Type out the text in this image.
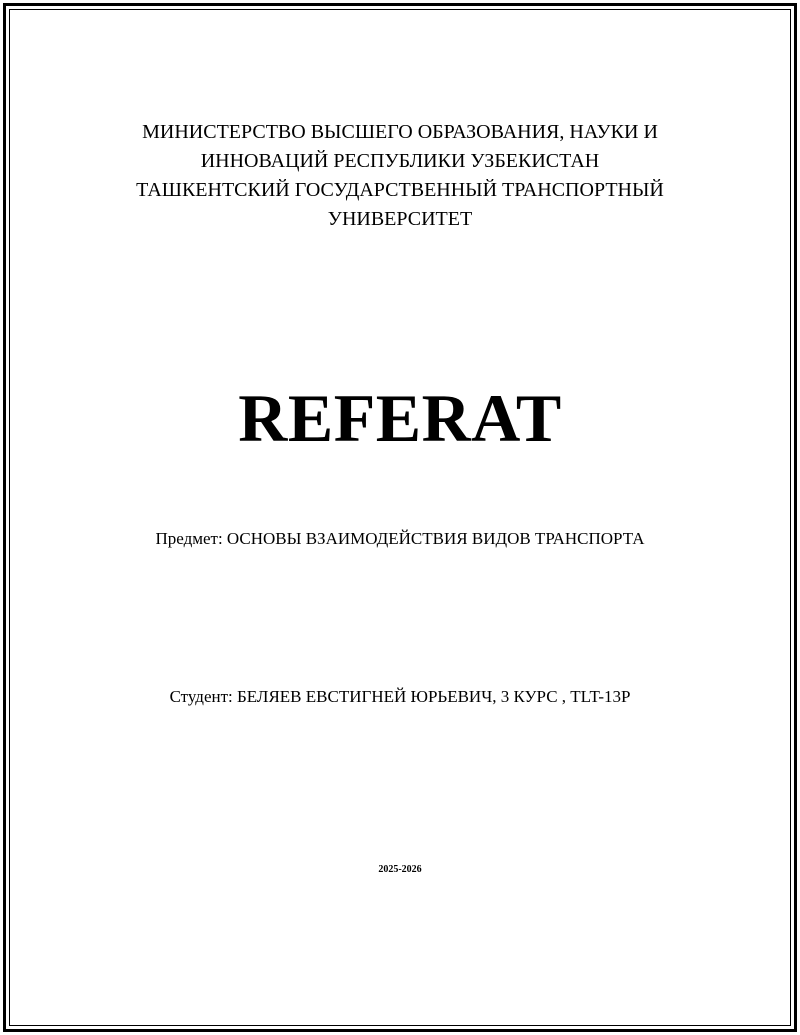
МИНИСТЕРСТВО ВЫСШЕГО ОБРАЗОВАНИЯ, НАУКИ И
ИННОВАЦИЙ РЕСПУБЛИКИ УЗБЕКИСТАН
ТАШКЕНТСКИЙ ГОСУДАРСТВЕННЫЙ ТРАНСПОРТНЫЙ
УНИВЕРСИТЕТ
REFERAT
Предмет: ОСНОВЫ ВЗАИМОДЕЙСТВИЯ ВИДОВ ТРАНСПОРТА
Студент: БЕЛЯЕВ ЕВСТИГНЕЙ ЮРЬЕВИЧ, 3 КУРС , TLT-13P
2025-2026
